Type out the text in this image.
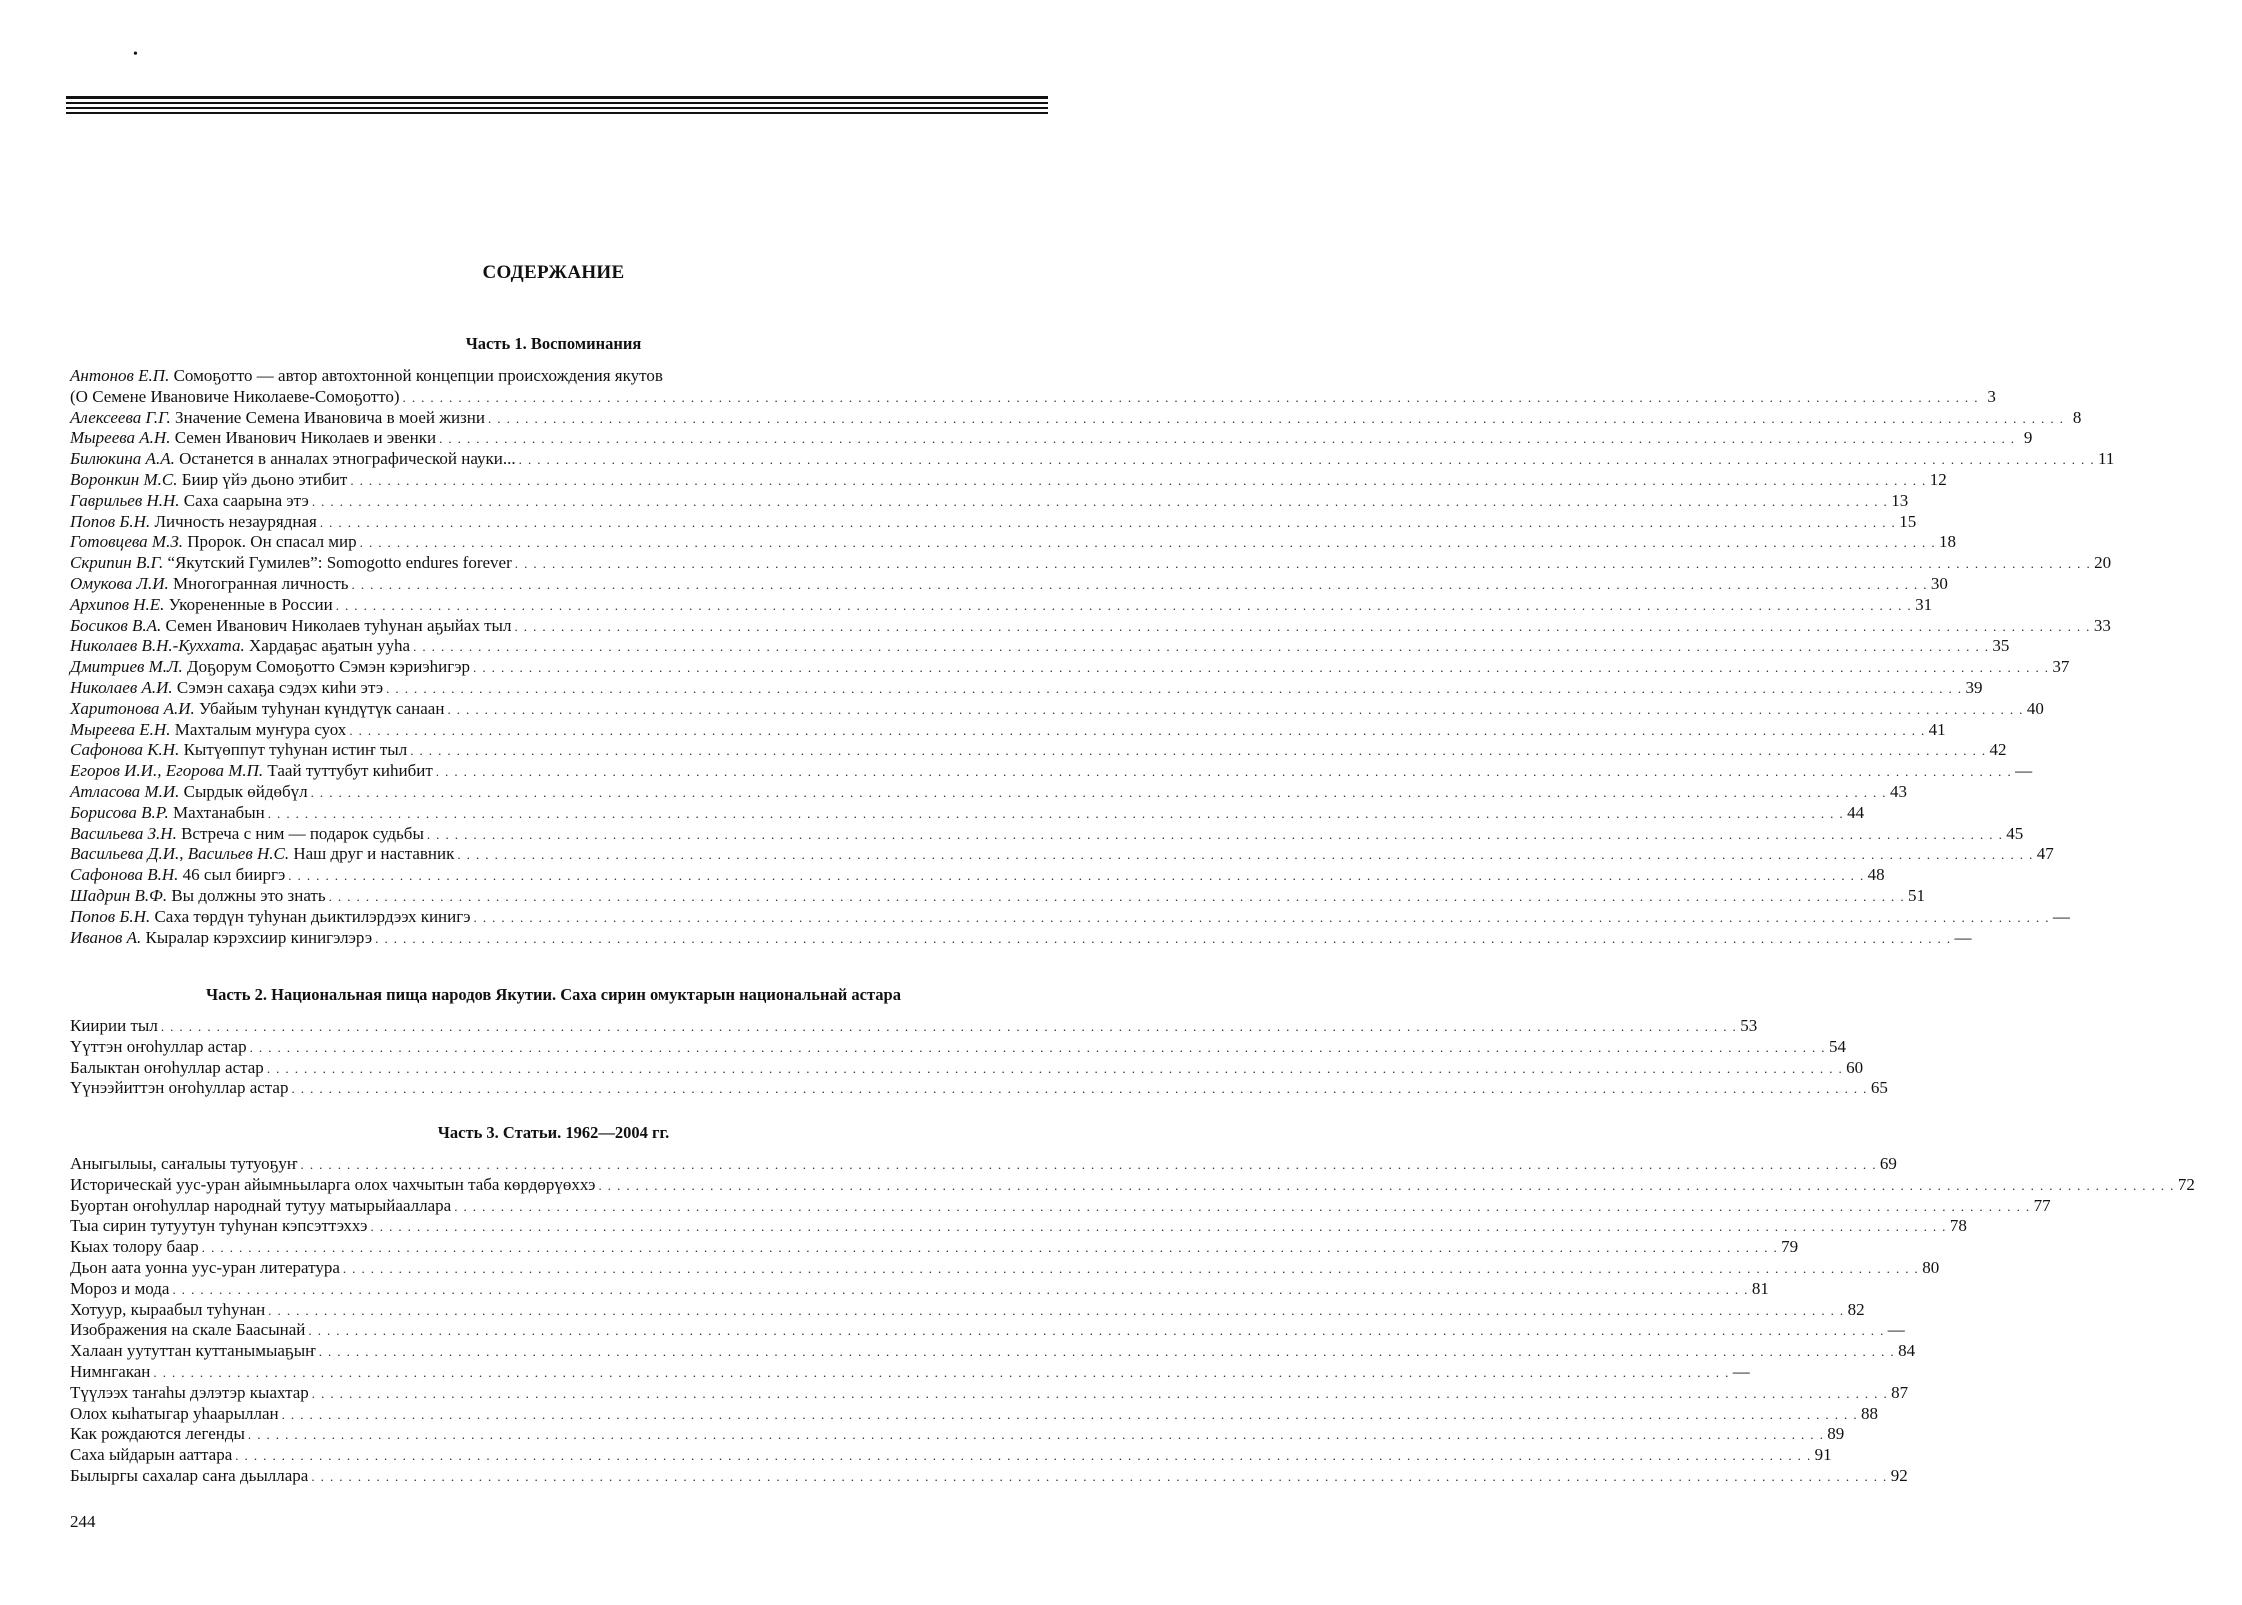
•
СОДЕРЖАНИЕ
Часть 1. Воспоминания
Антонов Е.П. Сомоҕотто — автор автохтонной концепции происхождения якутов
(О Семене Ивановиче Николаеве-Сомоҕотто) . . .	3
Алексеева Г.Г. Значение Семена Ивановича в моей жизни . . .	8
Мыреева А.Н. Семен Иванович Николаев и эвенки . . .	9
Билюкина А.А. Останется в анналах этнографической науки... . . .	11
Воронкин М.С. Биир үйэ дьоно этибит . . .	12
Гаврильев Н.Н. Саха саарына этэ . . .	13
Попов Б.Н. Личность незаурядная . . .	15
Готовцева М.З. Пророк. Он спасал мир . . .	18
Скрипин В.Г. “Якутский Гумилев”: Somogotto endures forever . . .	20
Омукова Л.И. Многогранная личность . . .	30
Архипов Н.Е. Укорененные в России . . .	31
Босиков В.А. Семен Иванович Николаев туһунан аҕыйах тыл . . .	33
Николаев В.Н.-Куххата. Хардаҕас аҕатын ууһа . . .	35
Дмитриев М.Л. Доҕорум Сомоҕотто Сэмэн кэриэһигэр . . .	37
Николаев А.И. Сэмэн сахаҕа сэдэх киһи этэ . . .	39
Харитонова А.И. Убайым туһунан күндүтүк санаан . . .	40
Мыреева Е.Н. Махталым муҥура суох . . .	41
Сафонова К.Н. Кытүөппут туһунан истиҥ тыл . . .	42
Егоров И.И., Егорова М.П. Таай туттубут киһибит . . .	—
Атласова М.И. Сырдык өйдөбүл . . .	43
Борисова В.Р. Махтанабын . . .	44
Васильева З.Н. Встреча с ним — подарок судьбы . . .	45
Васильева Д.И., Васильев Н.С. Наш друг и наставник . . .	47
Сафонова В.Н. 46 сыл бииргэ . . .	48
Шадрин В.Ф. Вы должны это знать . . .	51
Попов Б.Н. Саха төрдүн туһунан дьиктилэрдээх кинигэ . . .	—
Иванов А. Кыралар кэрэхсиир кинигэлэрэ . . .	—
Часть 2. Национальная пища народов Якутии. Саха сирин омуктарын национальнай астара
Киирии тыл . . .	53
Үүттэн оҥоһуллар астар . . .	54
Балыктан оҥоһуллар астар . . .	60
Үүнээйиттэн оҥоһуллар астар . . .	65
Часть 3. Статьи. 1962—2004 гг.
Аныгылыы, саҥалыы тутуоҕуҥ . . .	69
Историческай уус-уран айымньыларга олох чахчытын таба көрдөрүөххэ . . .	72
Буортан оҥоһуллар народнай тутуу матырыйааллара . . .	77
Тыа сирин тутуутун туһунан кэпсэттэххэ . . .	78
Кыах толору баар . . .	79
Дьон аата уонна уус-уран литература . . .	80
Мороз и мода . . .	81
Хотуур, кыраабыл туһунан . . .	82
Изображения на скале Баасынай . . .	—
Халаан уутуттан куттанымыаҕыҥ . . .	84
Нимнгакан . . .	—
Түүлээх таҥаһы дэлэтэр кыахтар . . .	87
Олох кыһатыгар уһаарыллан . . .	88
Как рождаются легенды . . .	89
Саха ыйдарын ааттара . . .	91
Былыргы сахалар саҥа дьыллара . . .	92
244
